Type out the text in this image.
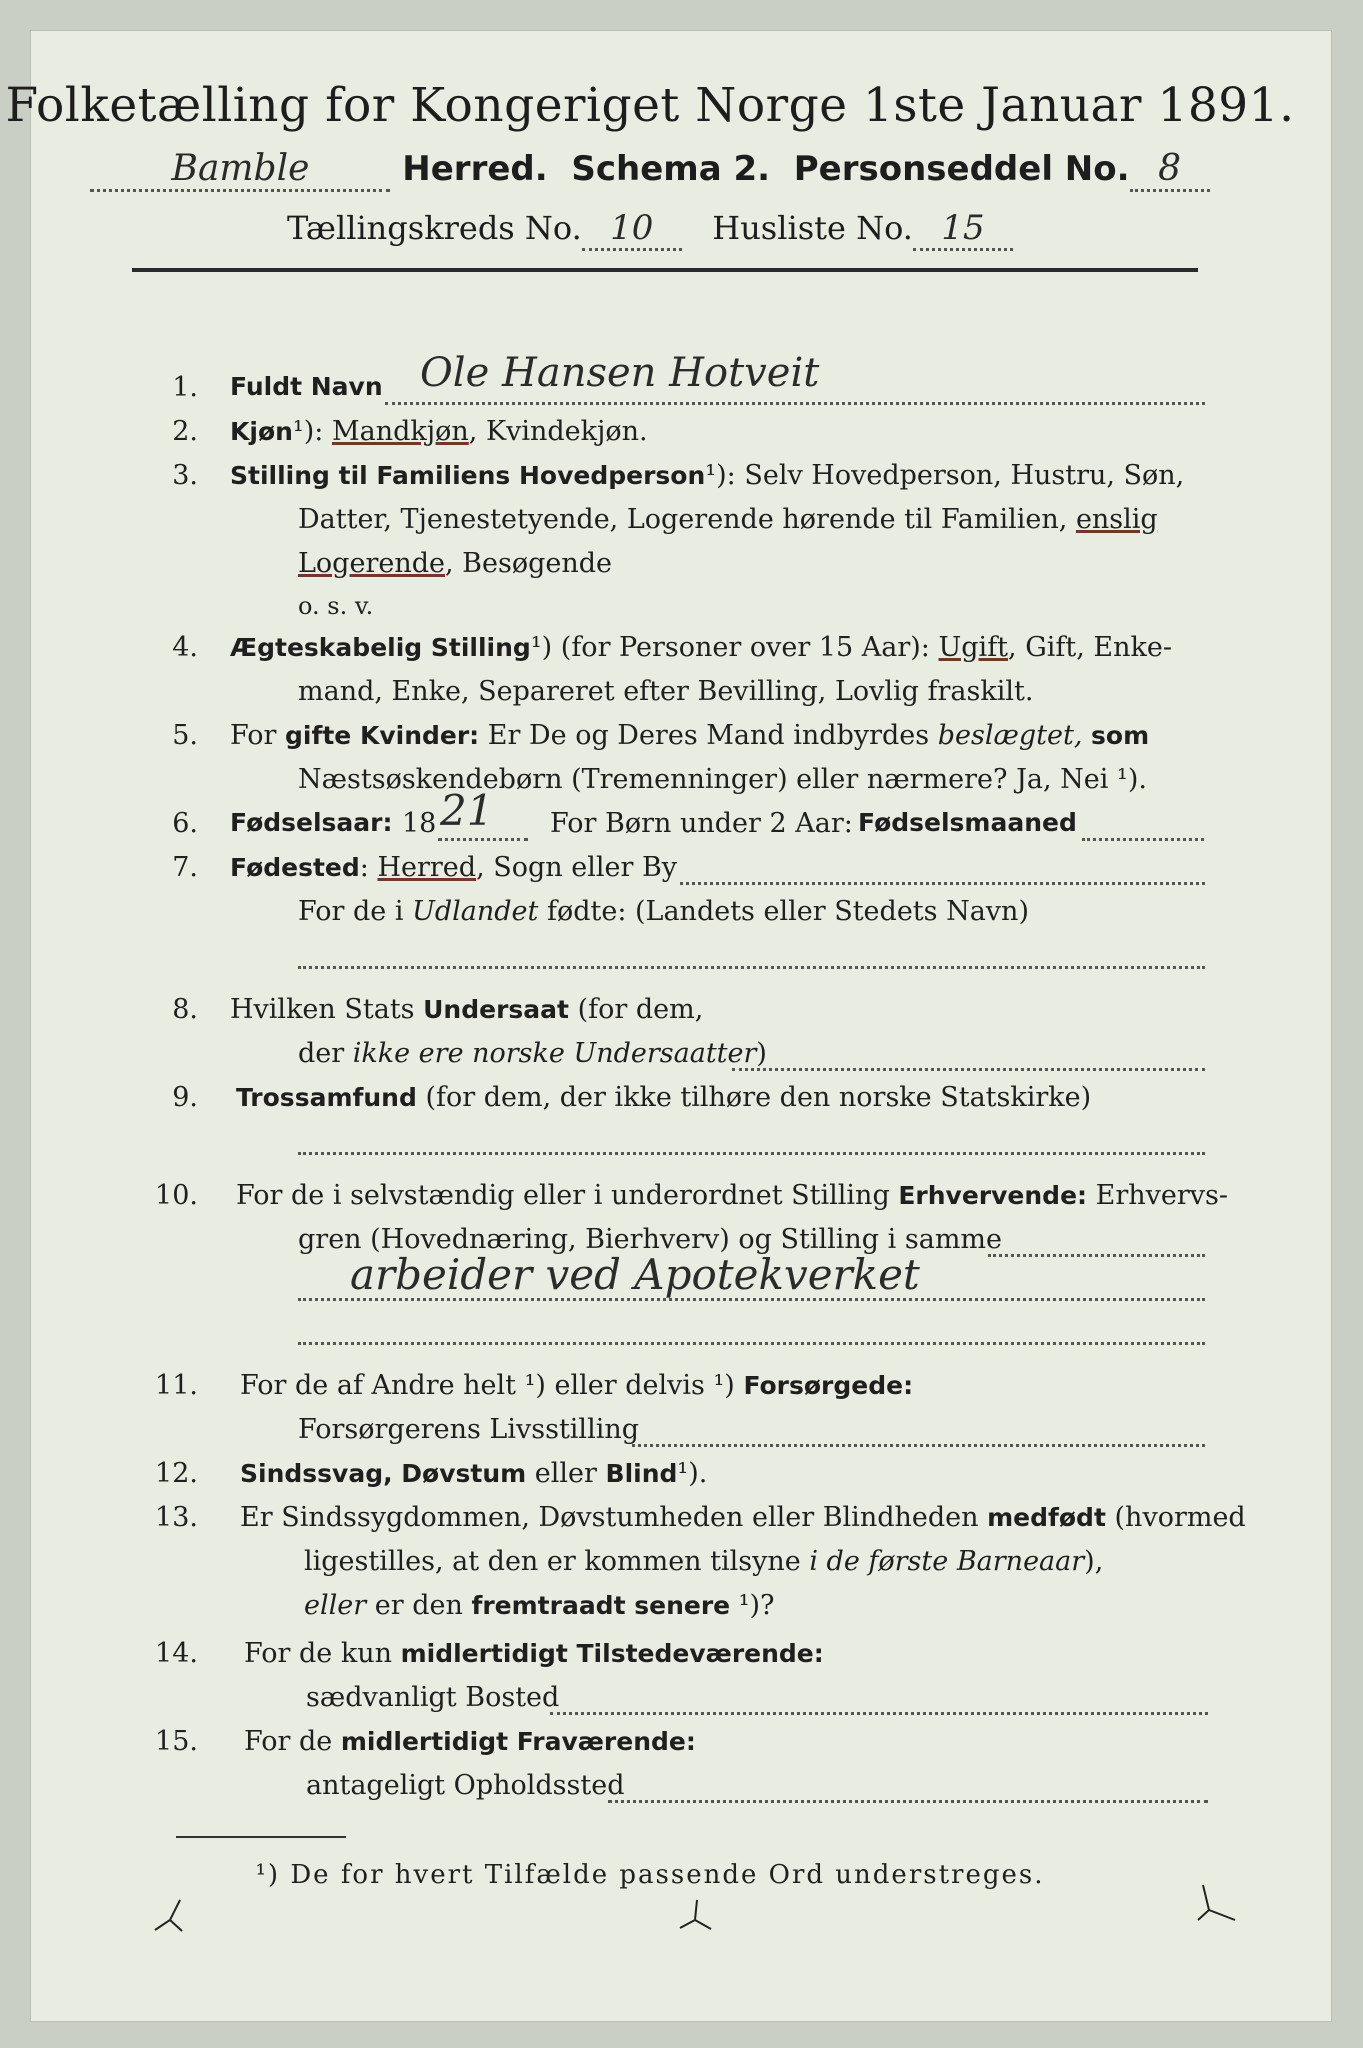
Folketælling for Kongeriget Norge 1ste Januar 1891.
Bamble	Herred. Schema 2. Personseddel No. 8
Tællingskreds No. 10 Husliste No. 15
1. Fuldt Navn Ole Hansen Hotveit
2. Kjøn¹): Mandkjøn, Kvindekjøn.
3. Stilling til Familiens Hovedperson¹): Selv Hovedperson, Hustru, Søn,
Datter, Tjenestetyende, Logerende hørende til Familien, enslig
Logerende, Besøgende
o. s. v.
4. Ægteskabelig Stilling¹) (for Personer over 15 Aar): Ugift, Gift, Enke-
mand, Enke, Separeret efter Bevilling, Lovlig fraskilt.
5. For gifte Kvinder: Er De og Deres Mand indbyrdes beslægtet, som
Næstsøskendebørn (Tremenninger) eller nærmere? Ja, Nei ¹).
6. Fødselsaar: 18	For Børn under 2 Aar: Fødselsmaaned
21
7. Fødested: Herred, Sogn eller By
For de i Udlandet fødte: (Landets eller Stedets Navn)
8. Hvilken Stats Undersaat (for dem,
der ikke ere norske Undersaatter)
9. Trossamfund (for dem, der ikke tilhøre den norske Statskirke)
10. For de i selvstændig eller i underordnet Stilling Erhvervende: Erhvervs-
gren (Hovednæring, Bierhverv) og Stilling i samme
arbeider ved Apotekverket
11. For de af Andre helt ¹) eller delvis ¹) Forsørgede:
Forsørgerens Livsstilling
12. Sindssvag, Døvstum eller Blind¹).
13. Er Sindssygdommen, Døvstumheden eller Blindheden medfødt (hvormed
ligestilles, at den er kommen tilsyne i de første Barneaar),
eller er den fremtraadt senere ¹)?
14. For de kun midlertidigt Tilstedeværende:
sædvanligt Bosted
15. For de midlertidigt Fraværende:
antageligt Opholdssted
¹) De for hvert Tilfælde passende Ord understreges.
